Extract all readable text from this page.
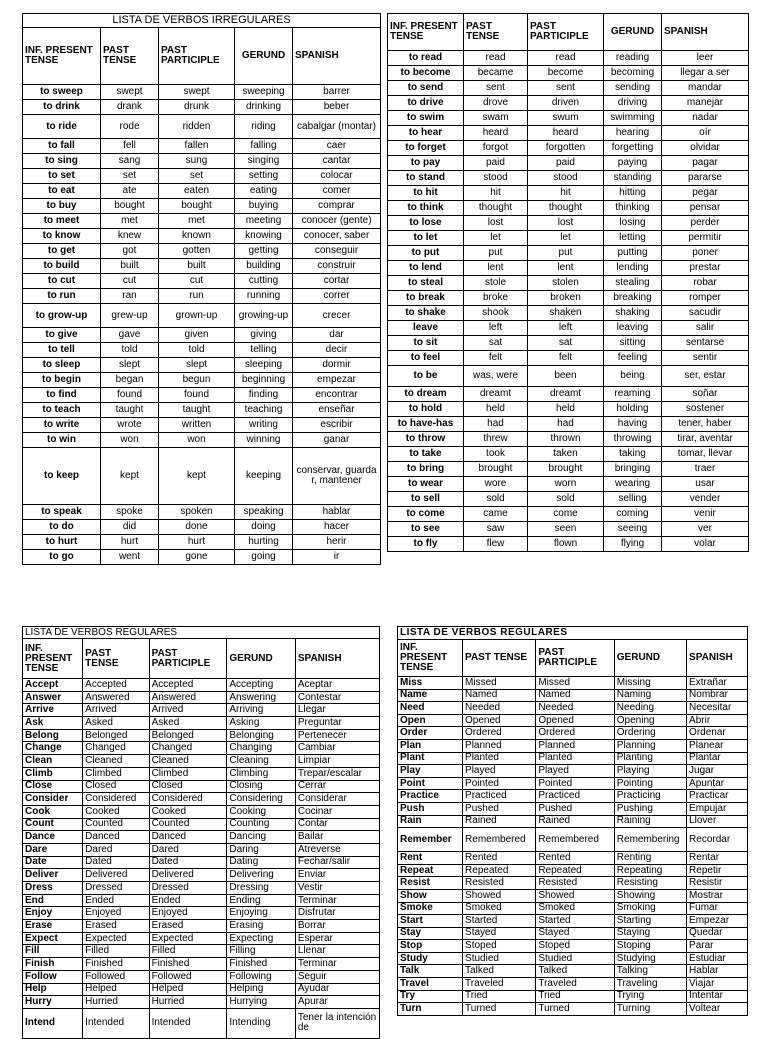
LISTA DE VERBOS IRREGULARES				
INF. PRESENT TENSE	PAST TENSE	PAST PARTICIPLE	GERUND	SPANISH
to sweep	swept	swept	sweeping	barrer
to drink	drank	drunk	drinking	beber
to ride	rode	ridden	riding	cabalgar (montar)
to fall	fell	fallen	falling	caer
to sing	sang	sung	singing	cantar
to set	set	set	setting	colocar
to eat	ate	eaten	eating	comer
to buy	bought	bought	buying	comprar
to meet	met	met	meeting	conocer (gente)
to know	knew	known	knowing	conocer, saber
to get	got	gotten	getting	conseguir
to build	built	built	building	construir
to cut	cut	cut	cutting	cortar
to run	ran	run	running	correr
to grow-up	grew-up	grown-up	growing-up	crecer
to give	gave	given	giving	dar
to tell	told	told	telling	decir
to sleep	slept	slept	sleeping	dormir
to begin	began	begun	beginning	empezar
to find	found	found	finding	encontrar
to teach	taught	taught	teaching	enseñar
to write	wrote	written	writing	escribir
to win	won	won	winning	ganar
to keep	kept	kept	keeping	conservar, guardar, mantener
to speak	spoke	spoken	speaking	hablar
to do	did	done	doing	hacer
to hurt	hurt	hurt	hurting	herir
to go	went	gone	going	ir
INF. PRESENT TENSE	PAST TENSE	PAST PARTICIPLE	GERUND	SPANISH
to read	read	read	reading	leer
to become	became	become	becoming	llegar a ser
to send	sent	sent	sending	mandar
to drive	drove	driven	driving	manejar
to swim	swam	swum	swimming	nadar
to hear	heard	heard	hearing	oír
to forget	forgot	forgotten	forgetting	olvidar
to pay	paid	paid	paying	pagar
to stand	stood	stood	standing	pararse
to hit	hit	hit	hitting	pegar
to think	thought	thought	thinking	pensar
to lose	lost	lost	losing	perder
to let	let	let	letting	permitir
to put	put	put	putting	poner
to lend	lent	lent	lending	prestar
to steal	stole	stolen	stealing	robar
to break	broke	broken	breaking	romper
to shake	shook	shaken	shaking	sacudir
leave	left	left	leaving	salir
to sit	sat	sat	sitting	sentarse
to feel	felt	felt	feeling	sentir
to be	was, were	been	being	ser, estar
to dream	dreamt	dreamt	reaming	soñar
to hold	held	held	holding	sostener
to have-has	had	had	having	tener, haber
to throw	threw	thrown	throwing	tirar, aventar
to take	took	taken	taking	tomar, llevar
to bring	brought	brought	bringing	traer
to wear	wore	worn	wearing	usar
to sell	sold	sold	selling	vender
to come	came	come	coming	venir
to see	saw	seen	seeing	ver
to fly	flew	flown	flying	volar
LISTA DE VERBOS REGULARES				
INF. PRESENT TENSE	PAST TENSE	PAST PARTICIPLE	GERUND	SPANISH
Accept	Accepted	Accepted	Accepting	Aceptar
Answer	Answered	Answered	Answering	Contestar
Arrive	Arrived	Arrived	Arriving	Llegar
Ask	Asked	Asked	Asking	Preguntar
Belong	Belonged	Belonged	Belonging	Pertenecer
Change	Changed	Changed	Changing	Cambiar
Clean	Cleaned	Cleaned	Cleaning	Limpiar
Climb	Climbed	Climbed	Climbing	Trepar/escalar
Close	Closed	Closed	Closing	Cerrar
Consider	Considered	Considered	Considering	Considerar
Cook	Cooked	Cooked	Cooking	Cocinar
Count	Counted	Counted	Counting	Contar
Dance	Danced	Danced	Dancing	Bailar
Dare	Dared	Dared	Daring	Atreverse
Date	Dated	Dated	Dating	Fechar/salir
Deliver	Delivered	Delivered	Delivering	Enviar
Dress	Dressed	Dressed	Dressing	Vestir
End	Ended	Ended	Ending	Terminar
Enjoy	Enjoyed	Enjoyed	Enjoying	Disfrutar
Erase	Erased	Erased	Erasing	Borrar
Expect	Expected	Expected	Expecting	Esperar
Fill	Filled	Filled	Filling	Llenar
Finish	Finished	Finished	Finished	Terminar
Follow	Followed	Followed	Following	Seguir
Help	Helped	Helped	Helping	Ayudar
Hurry	Hurried	Hurried	Hurrying	Apurar
Intend	Intended	Intended	Intending	Tener la intención de
LISTA DE VERBOS REGULARES				
INF. PRESENT TENSE	PAST TENSE	PAST PARTICIPLE	GERUND	SPANISH
Miss	Missed	Missed	Missing	Extrañar
Name	Named	Named	Naming	Nombrar
Need	Needed	Needed	Needing	Necesitar
Open	Opened	Opened	Opening	Abrir
Order	Ordered	Ordered	Ordering	Ordenar
Plan	Planned	Planned	Planning	Planear
Plant	Planted	Planted	Planting	Plantar
Play	Played	Played	Playing	Jugar
Point	Pointed	Pointed	Pointing	Apuntar
Practice	Practiced	Practiced	Practicing	Practicar
Push	Pushed	Pushed	Pushing	Empujar
Rain	Rained	Rained	Raining	Llover
Remember	Remembered	Remembered	Remembering	Recordar
Rent	Rented	Rented	Renting	Rentar
Repeat	Repeated	Repeated	Repeating	Repetir
Resist	Resisted	Resisted	Resisting	Resistir
Show	Showed	Showed	Showing	Mostrar
Smoke	Smoked	Smoked	Smoking	Fumar
Start	Started	Started	Starting	Empezar
Stay	Stayed	Stayed	Staying	Quedar
Stop	Stoped	Stoped	Stoping	Parar
Study	Studied	Studied	Studying	Estudiar
Talk	Talked	Talked	Talking	Hablar
Travel	Traveled	Traveled	Traveling	Viajar
Try	Tried	Tried	Trying	Intentar
Turn	Turned	Turned	Turning	Voltear
